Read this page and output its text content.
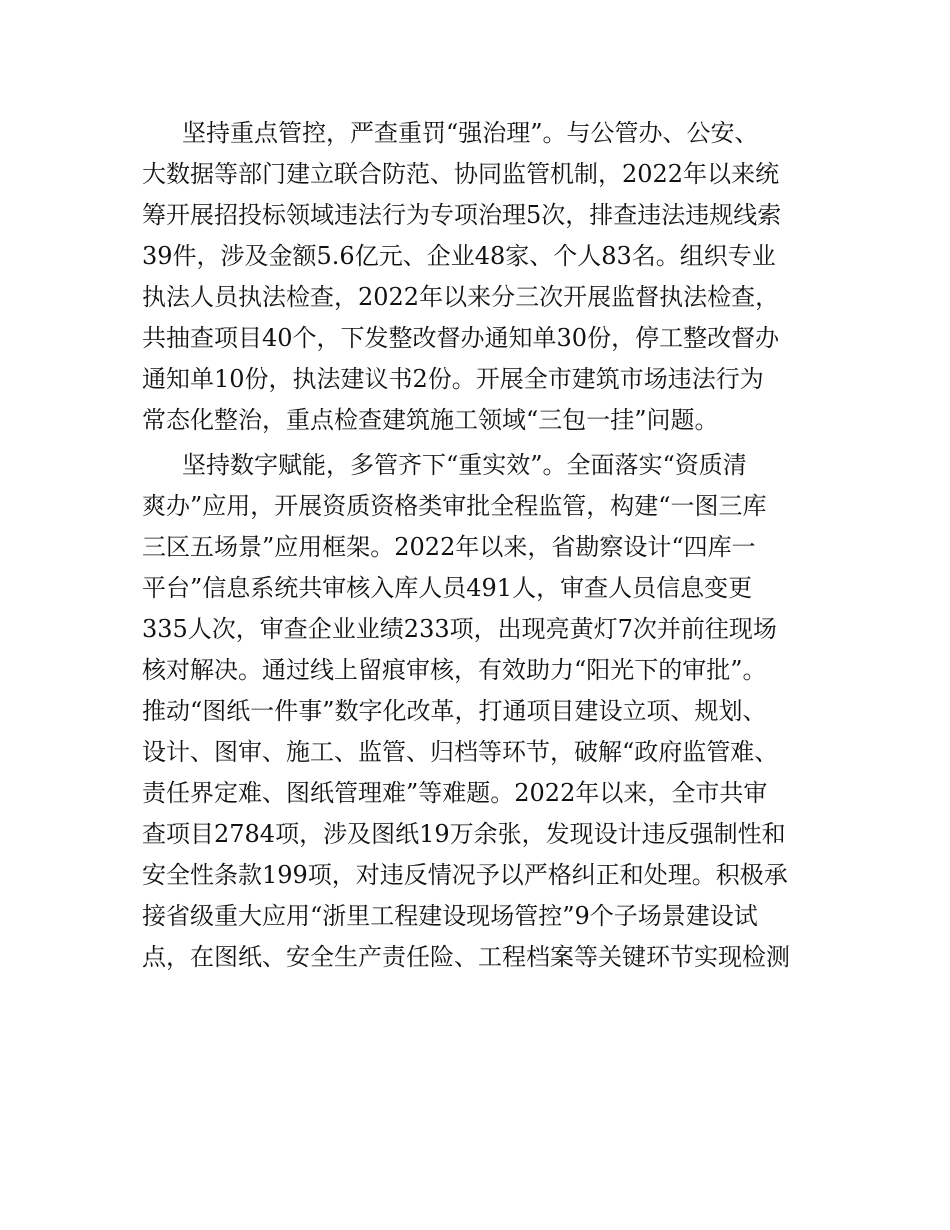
坚持重点管控，严查重罚“强治理”。与公管办、公安、
大数据等部门建立联合防范、协同监管机制，2022年以来统
筹开展招投标领域违法行为专项治理5次，排查违法违规线索
39件，涉及金额5.6亿元、企业48家、个人83名。组织专业
执法人员执法检查，2022年以来分三次开展监督执法检查，
共抽查项目40个，下发整改督办通知单30份，停工整改督办
通知单10份，执法建议书2份。开展全市建筑市场违法行为
常态化整治，重点检查建筑施工领域“三包一挂”问题。

坚持数字赋能，多管齐下“重实效”。全面落实“资质清
爽办”应用，开展资质资格类审批全程监管，构建“一图三库
三区五场景”应用框架。2022年以来，省勘察设计“四库一
平台”信息系统共审核入库人员491人，审查人员信息变更
335人次，审查企业业绩233项，出现亮黄灯7次并前往现场
核对解决。通过线上留痕审核，有效助力“阳光下的审批”。
推动“图纸一件事”数字化改革，打通项目建设立项、规划、
设计、图审、施工、监管、归档等环节，破解“政府监管难、
责任界定难、图纸管理难”等难题。2022年以来，全市共审
查项目2784项，涉及图纸19万余张，发现设计违反强制性和
安全性条款199项，对违反情况予以严格纠正和处理。积极承
接省级重大应用“浙里工程建设现场管控”9个子场景建设试
点，在图纸、安全生产责任险、工程档案等关键环节实现检测
